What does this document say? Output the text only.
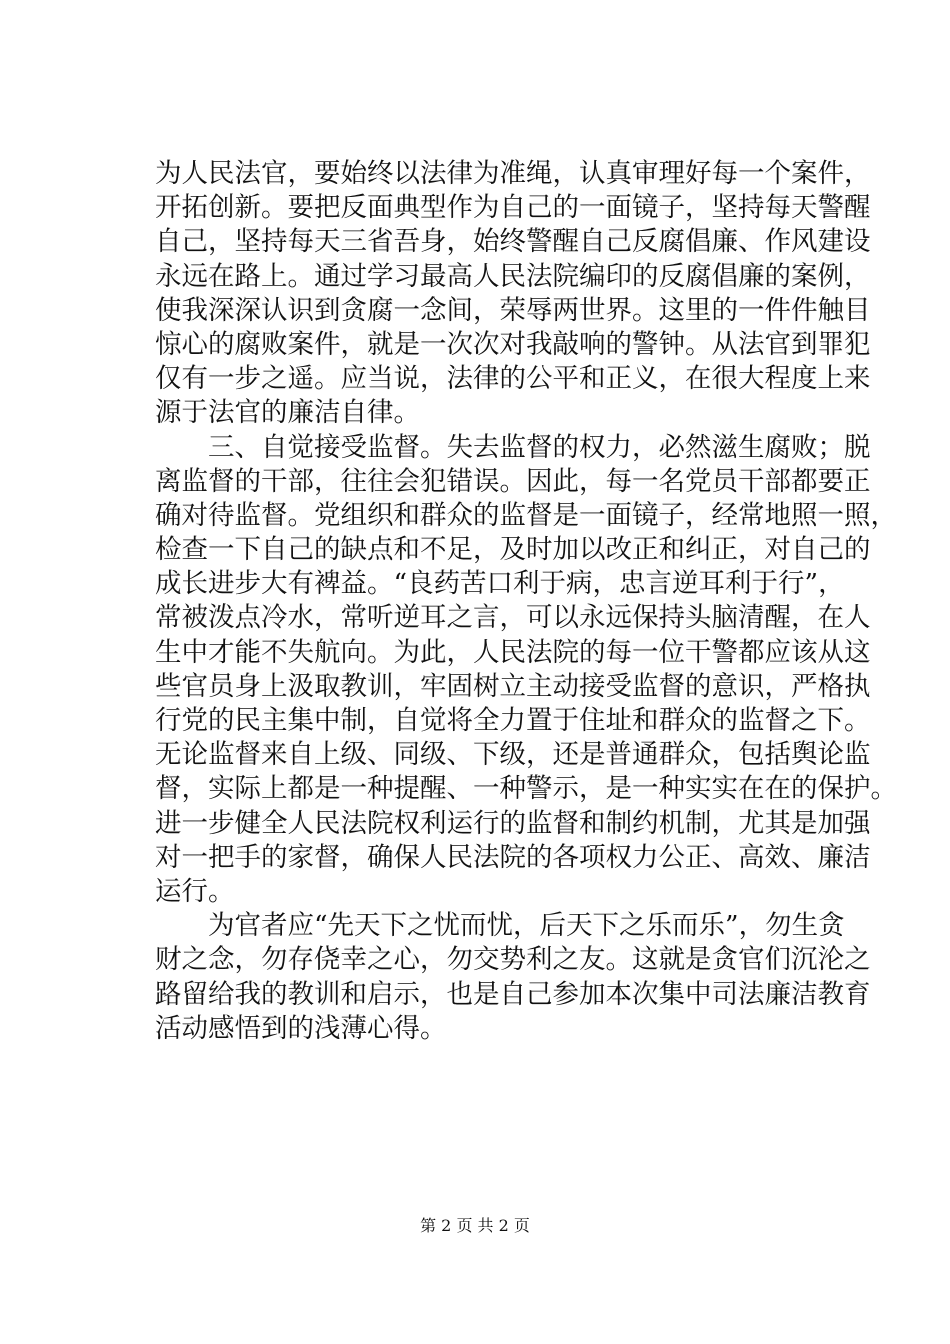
为人民法官，要始终以法律为准绳，认真审理好每一个案件，
开拓创新。要把反面典型作为自己的一面镜子，坚持每天警醒
自己，坚持每天三省吾身，始终警醒自己反腐倡廉、作风建设
永远在路上。通过学习最高人民法院编印的反腐倡廉的案例，
使我深深认识到贪腐一念间，荣辱两世界。这里的一件件触目
惊心的腐败案件，就是一次次对我敲响的警钟。从法官到罪犯
仅有一步之遥。应当说，法律的公平和正义，在很大程度上来
源于法官的廉洁自律。
　　三、自觉接受监督。失去监督的权力，必然滋生腐败；脱
离监督的干部，往往会犯错误。因此，每一名党员干部都要正
确对待监督。党组织和群众的监督是一面镜子，经常地照一照，
检查一下自己的缺点和不足，及时加以改正和纠正，对自己的
成长进步大有裨益。“良药苦口利于病，忠言逆耳利于行”，
常被泼点冷水，常听逆耳之言，可以永远保持头脑清醒，在人
生中才能不失航向。为此，人民法院的每一位干警都应该从这
些官员身上汲取教训，牢固树立主动接受监督的意识，严格执
行党的民主集中制，自觉将全力置于住址和群众的监督之下。
无论监督来自上级、同级、下级，还是普通群众，包括舆论监
督，实际上都是一种提醒、一种警示，是一种实实在在的保护。
进一步健全人民法院权利运行的监督和制约机制，尤其是加强
对一把手的家督，确保人民法院的各项权力公正、高效、廉洁
运行。
　　为官者应“先天下之忧而忧，后天下之乐而乐”，勿生贪
财之念，勿存侥幸之心，勿交势利之友。这就是贪官们沉沦之
路留给我的教训和启示，也是自己参加本次集中司法廉洁教育
活动感悟到的浅薄心得。
第 2 页 共 2 页
